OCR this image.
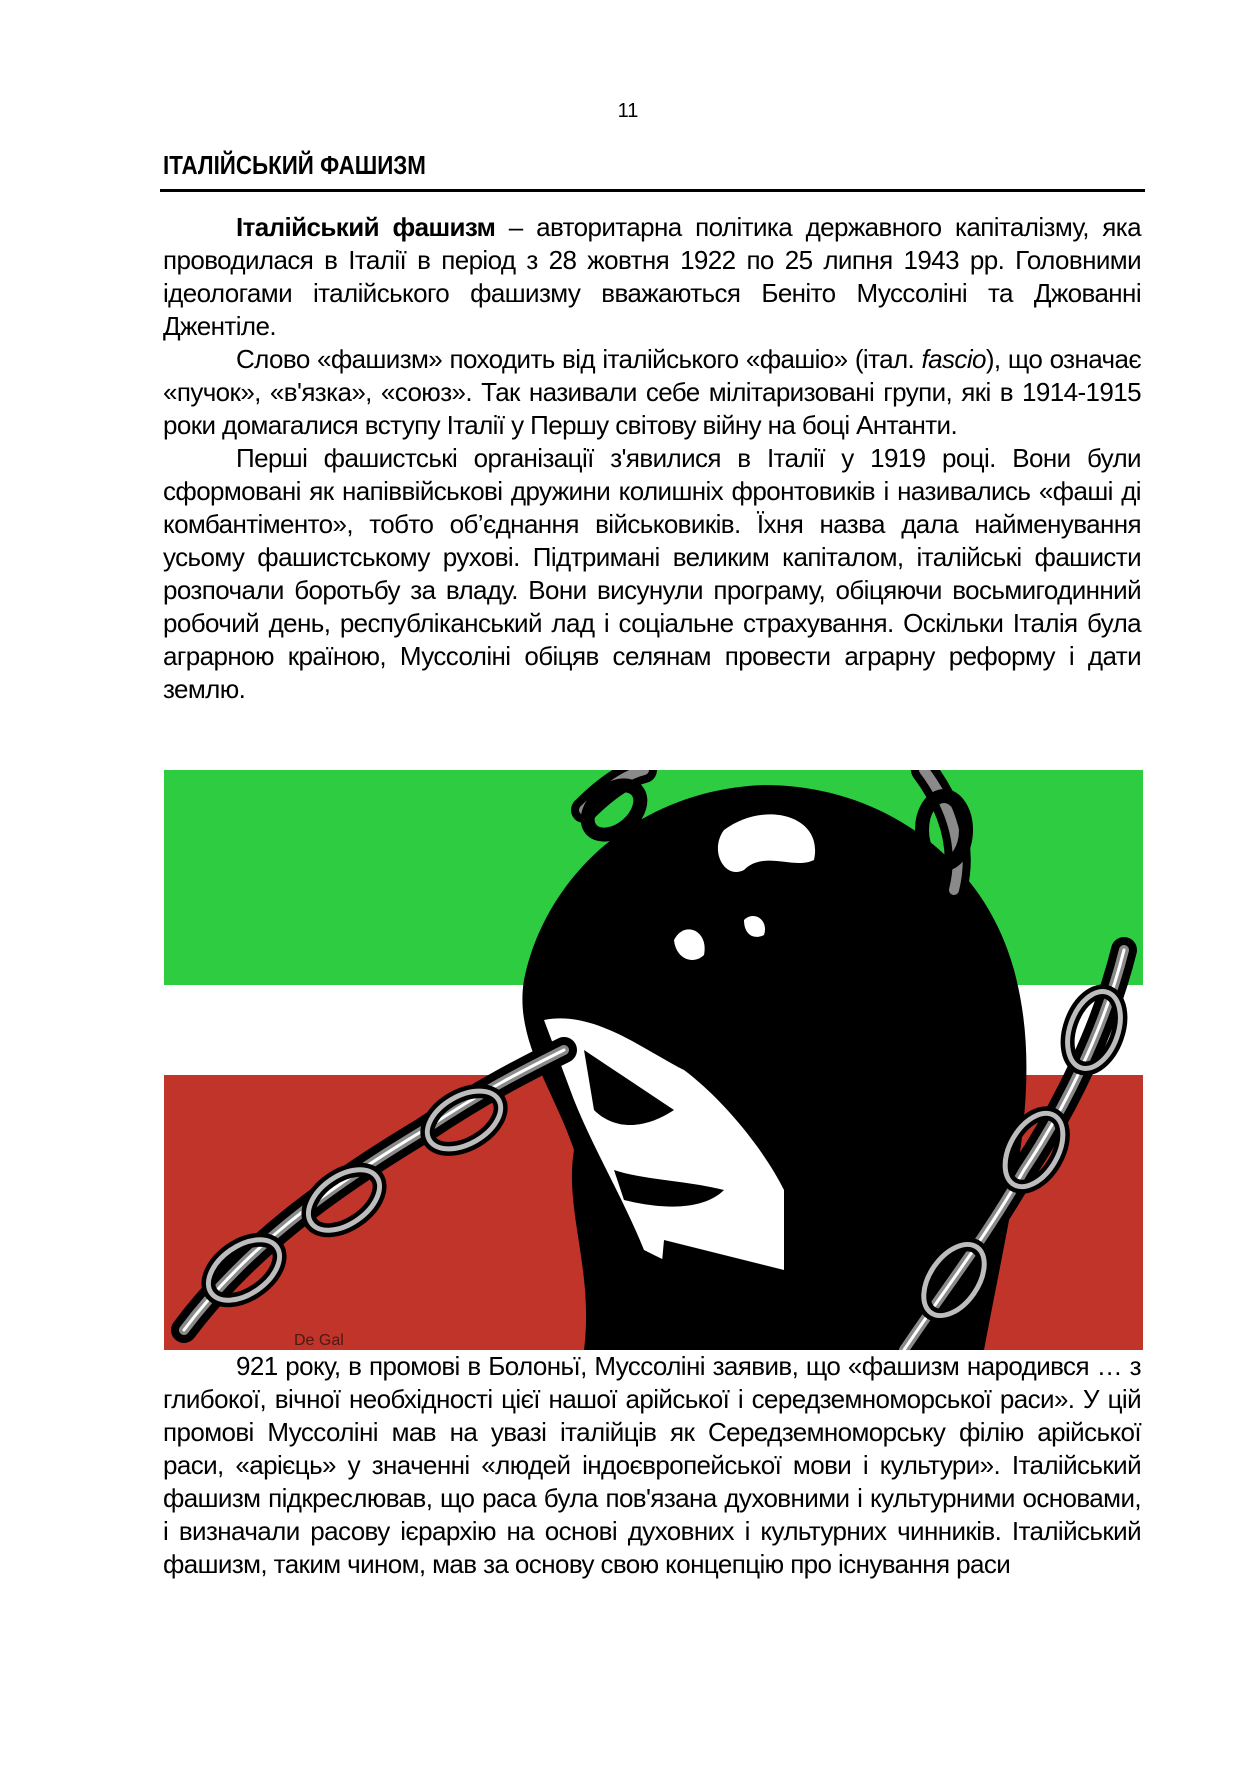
11
ІТАЛІЙСЬКИЙ ФАШИЗМ

Італійський фашизм – авторитарна політика державного капіталізму, яка проводилася в Італії в період з 28 жовтня 1922 по 25 липня 1943 рр. Головними ідеологами італійського фашизму вважаються Беніто Муссоліні та Джованні Джентіле.

Слово «фашизм» походить від італійського «фашіо» (італ. fascio), що означає «пучок», «в'язка», «союз». Так називали себе мілітаризовані групи, які в 1914-1915 роки домагалися вступу Італії у Першу світову війну на боці Антанти.

Перші фашистські організації з'явилися в Італії у 1919 році. Вони були сформовані як напіввійськові дружини колишніх фронтовиків і називались «фаші ді комбантіменто», тобто об’єднання військовиків. Їхня назва дала найменування усьому фашистському рухові. Підтримані великим капіталом, італійські фашисти розпочали боротьбу за владу. Вони висунули програму, обіцяючи восьмигодинний робочий день, республіканський лад і соціальне страхування. Оскільки Італія була аграрною країною, Муссоліні обіцяв селянам провести аграрну реформу і дати землю.

De Gal

921 року, в промові в Болоньї, Муссоліні заявив, що «фашизм народився … з глибокої, вічної необхідності цієї нашої арійської і середземноморської раси». У цій промові Муссоліні мав на увазі італійців як Середземноморську філію арійської раси, «арієць» у значенні «людей індоєвропейської мови і культури». Італійський фашизм підкреслював, що раса була пов'язана духовними і культурними основами, і визначали расову ієрархію на основі духовних і культурних чинників. Італійський фашизм, таким чином, мав за основу свою концепцію про існування раси
